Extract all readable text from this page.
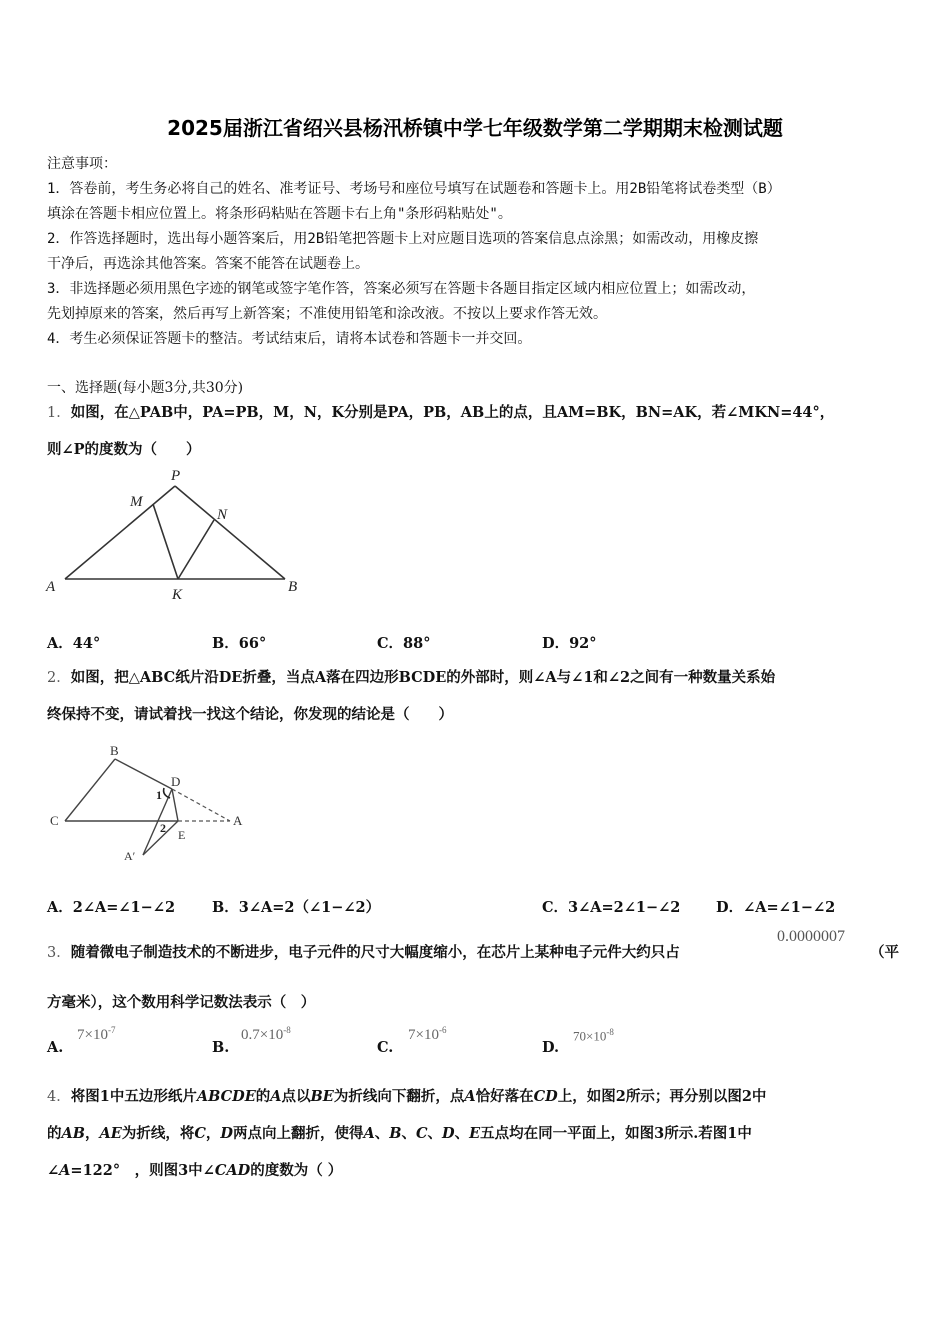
2025届浙江省绍兴县杨汛桥镇中学七年级数学第二学期期末检测试题
注意事项：
1．答卷前，考生务必将自己的姓名、准考证号、考场号和座位号填写在试题卷和答题卡上。用2B铅笔将试卷类型（B）
填涂在答题卡相应位置上。将条形码粘贴在答题卡右上角"条形码粘贴处"。
2．作答选择题时，选出每小题答案后，用2B铅笔把答题卡上对应题目选项的答案信息点涂黑；如需改动，用橡皮擦
干净后，再选涂其他答案。答案不能答在试题卷上。
3．非选择题必须用黑色字迹的钢笔或签字笔作答，答案必须写在答题卡各题目指定区域内相应位置上；如需改动，
先划掉原来的答案，然后再写上新答案；不准使用铅笔和涂改液。不按以上要求作答无效。
4．考生必须保证答题卡的整洁。考试结束后，请将本试卷和答题卡一并交回。
一、选择题(每小题3分,共30分)
1．如图，在△PAB中，PA=PB，M，N，K分别是PA，PB，AB上的点，且AM=BK，BN=AK，若∠MKN=44°，
则∠P的度数为（　　）
P
M
N
A	K	B
A．44°	B．66°	C．88°	D．92°
2．如图，把△ABC纸片沿DE折叠，当点A落在四边形BCDE的外部时，则∠A与∠1和∠2之间有一种数量关系始
终保持不变，请试着找一找这个结论，你发现的结论是（　　）
B
C
D
A
E
A′
1
2
A．2∠A=∠1−∠2	B．3∠A=2（∠1−∠2）	C．3∠A=2∠1−∠2 D．∠A=∠1−∠2
3．随着微电子制造技术的不断进步，电子元件的尺寸大幅度缩小，在芯片上某种电子元件大约只占
0.0000007
（平
方毫米），这个数用科学记数法表示（　）
A.
$7\times 10^{-7}$
B.
$0.7\times 10^{-8}$
C.
$7\times 10^{-6}$
D.
$70\times 10^{-8}$
4．将图1中五边形纸片ABCDE的A点以BE为折线向下翻折，点A恰好落在CD上，如图2所示；再分别以图2中
的AB，AE为折线，将C，D两点向上翻折，使得A、B、C、D、E五点均在同一平面上，如图3所示.若图1中
∠A=122°　，则图3中∠CAD的度数为（ ）
